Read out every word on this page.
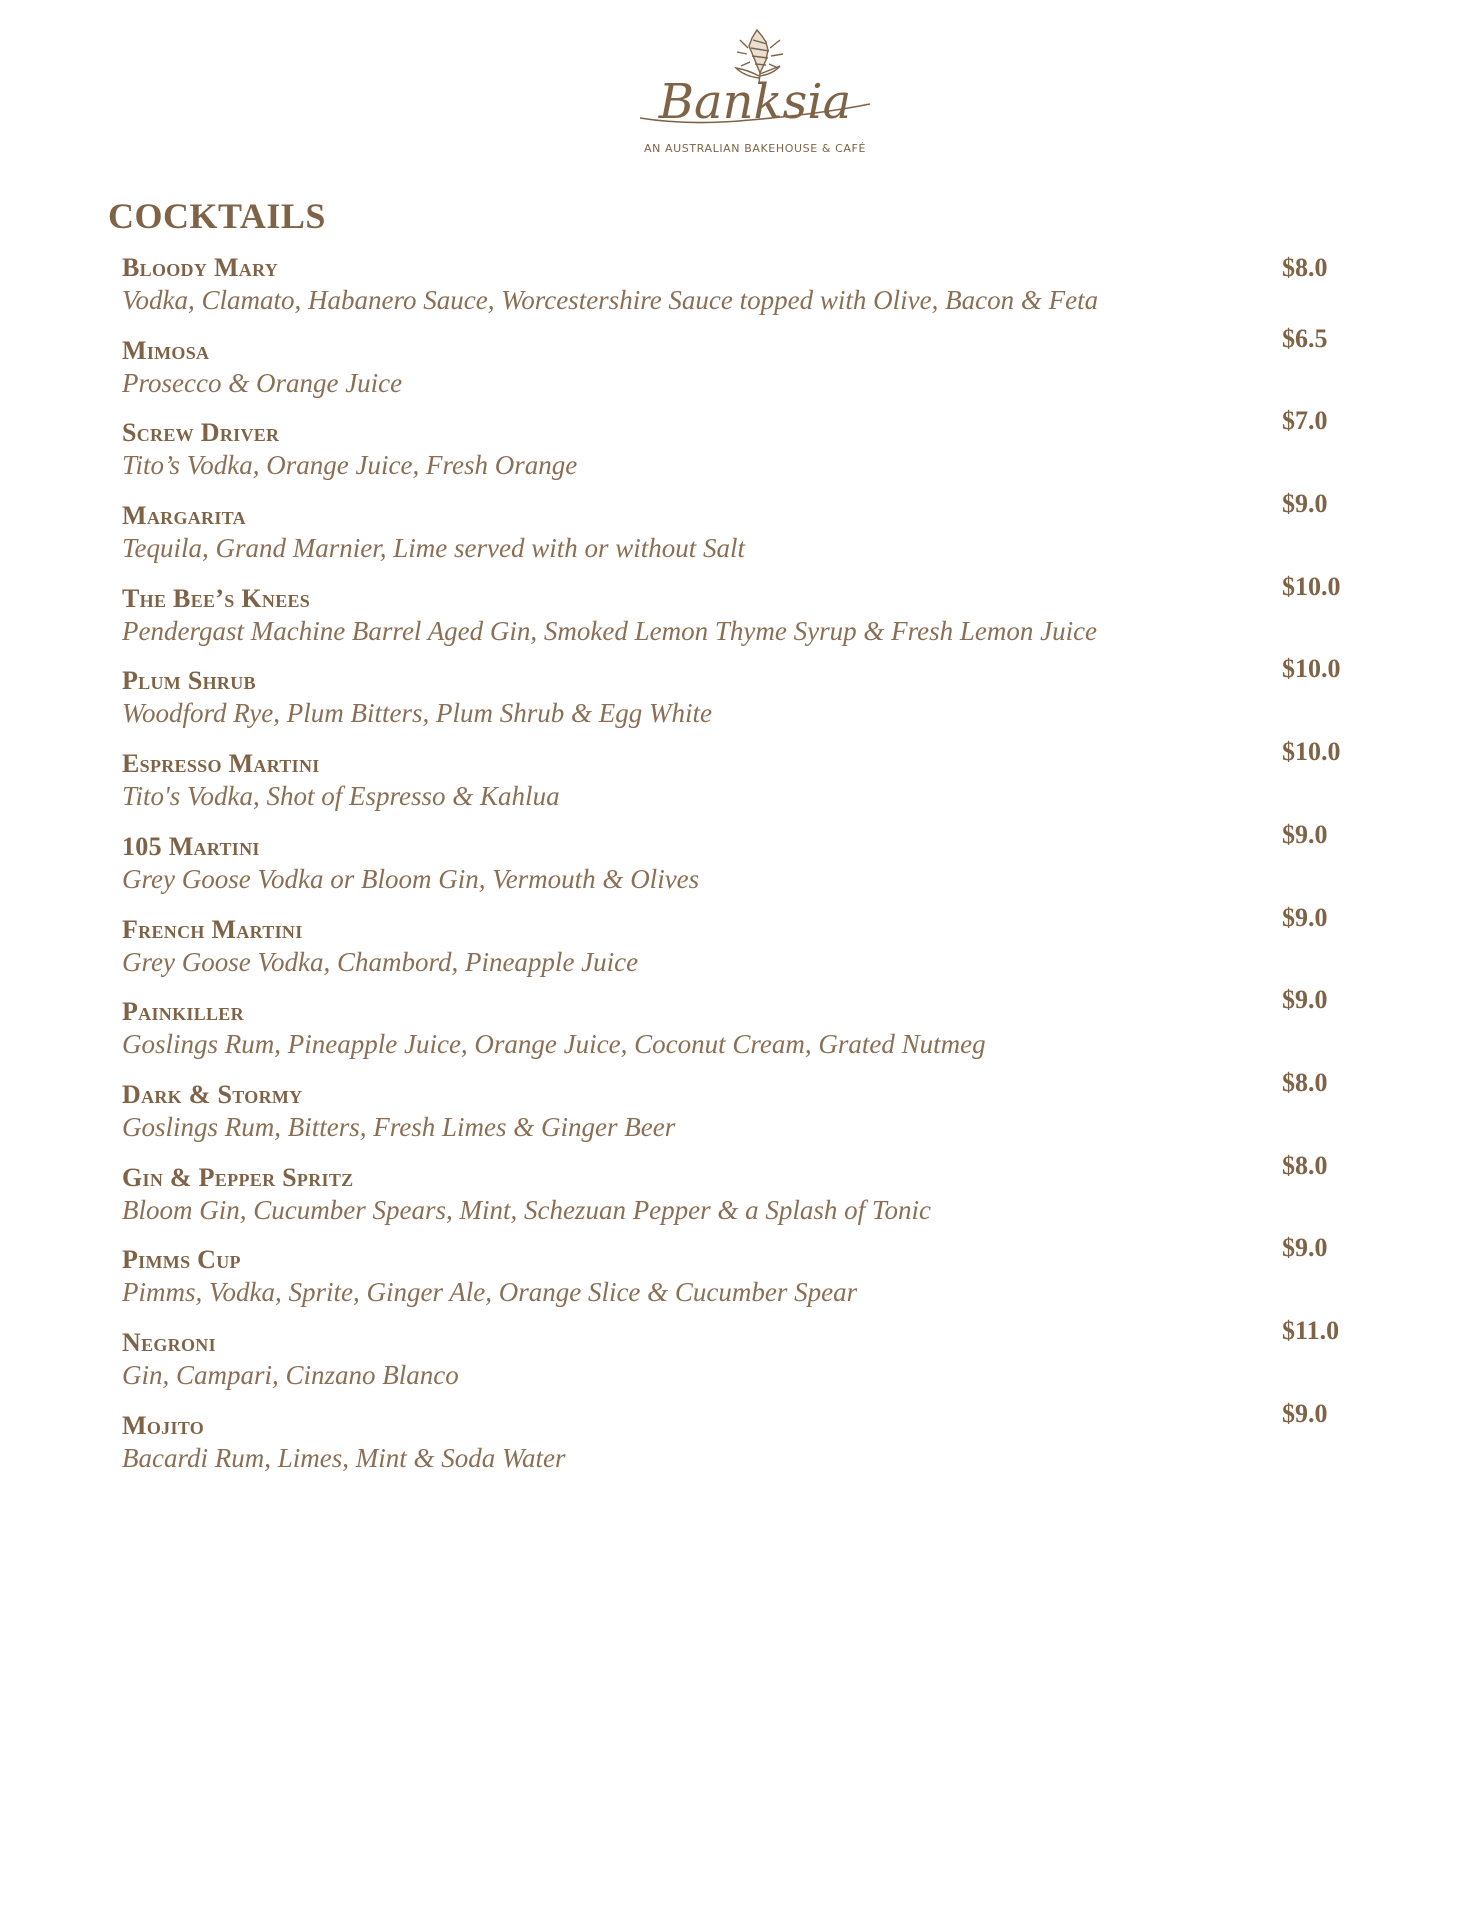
Banksia
AN AUSTRALIAN BAKEHOUSE & CAFÉ
COCKTAILS
Bloody Mary
Vodka, Clamato, Habanero Sauce, Worcestershire Sauce topped with Olive, Bacon & Feta
$8.0
Mimosa
Prosecco & Orange Juice
$6.5
Screw Driver
Tito’s Vodka, Orange Juice, Fresh Orange
$7.0
Margarita
Tequila, Grand Marnier, Lime served with or without Salt
$9.0
The Bee’s Knees
Pendergast Machine Barrel Aged Gin, Smoked Lemon Thyme Syrup & Fresh Lemon Juice
$10.0
Plum Shrub
Woodford Rye, Plum Bitters, Plum Shrub & Egg White
$10.0
Espresso Martini
Tito's Vodka, Shot of Espresso & Kahlua
$10.0
105 Martini
Grey Goose Vodka or Bloom Gin, Vermouth & Olives
$9.0
French Martini
Grey Goose Vodka, Chambord, Pineapple Juice
$9.0
Painkiller
Goslings Rum, Pineapple Juice, Orange Juice, Coconut Cream, Grated Nutmeg
$9.0
Dark & Stormy
Goslings Rum, Bitters, Fresh Limes & Ginger Beer
$8.0
Gin & Pepper Spritz
Bloom Gin, Cucumber Spears, Mint, Schezuan Pepper & a Splash of Tonic
$8.0
Pimms Cup
Pimms, Vodka, Sprite, Ginger Ale, Orange Slice & Cucumber Spear
$9.0
Negroni
Gin, Campari, Cinzano Blanco
$11.0
Mojito
Bacardi Rum, Limes, Mint & Soda Water
$9.0
